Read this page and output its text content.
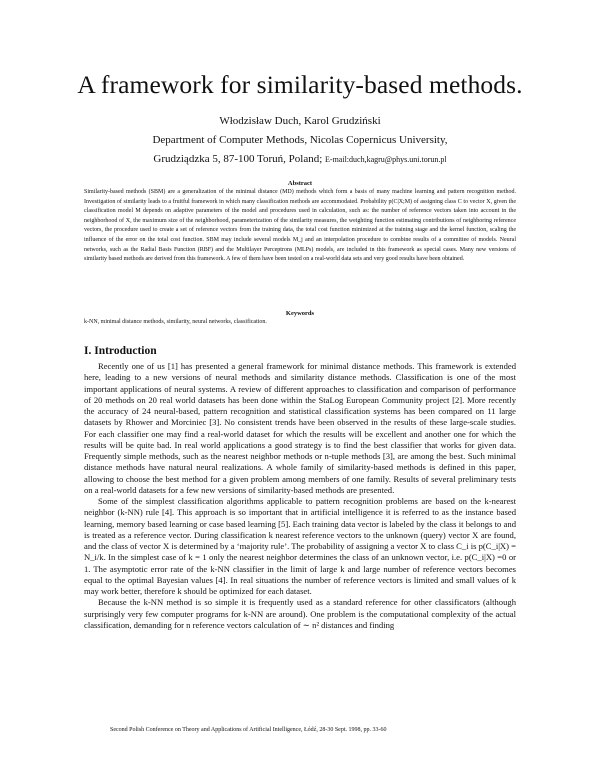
A framework for similarity-based methods.
Włodzisław Duch, Karol Grudziński
Department of Computer Methods, Nicolas Copernicus University,
Grudziądzka 5, 87-100 Toruń, Poland; E-mail:duch,kagru@phys.uni.torun.pl
Abstract
Similarity-based methods (SBM) are a generalization of the minimal distance (MD) methods which form a basis of many machine learning and pattern recognition method. Investigation of similarity leads to a fruitful framework in which many classification methods are accommodated. Probability p(C|X;M) of assigning class C to vector X, given the classification model M depends on adaptive parameters of the model and procedures used in calculation, such as: the number of reference vectors taken into account in the neighborhood of X, the maximum size of the neighborhood, parameterization of the similarity measures, the weighting function estimating contributions of neighboring reference vectors, the procedure used to create a set of reference vectors from the training data, the total cost function minimized at the training stage and the kernel function, scaling the influence of the error on the total cost function. SBM may include several models M_j and an interpolation procedure to combine results of a committee of models. Neural networks, such as the Radial Basis Function (RBF) and the Multilayer Perceptrons (MLPs) models, are included in this framework as special cases. Many new versions of similarity based methods are derived from this framework. A few of them have been tested on a real-world data sets and very good results have been obtained.
Keywords
k-NN, minimal distance methods, similarity, neural networks, classification.
I. Introduction

Recently one of us [1] has presented a general framework for minimal distance methods. This framework is extended here, leading to a new versions of neural methods and similarity distance methods. Classification is one of the most important applications of neural systems. A review of different approaches to classification and comparison of performance of 20 methods on 20 real world datasets has been done within the StaLog European Community project [2]. More recently the accuracy of 24 neural-based, pattern recognition and statistical classification systems has been compared on 11 large datasets by Rhower and Morciniec [3]. No consistent trends have been observed in the results of these large-scale studies. For each classifier one may find a real-world dataset for which the results will be excellent and another one for which the results will be quite bad. In real world applications a good strategy is to find the best classifier that works for given data. Frequently simple methods, such as the nearest neighbor methods or n-tuple methods [3], are among the best. Such minimal distance methods have natural neural realizations. A whole family of similarity-based methods is defined in this paper, allowing to choose the best method for a given problem among members of one family. Results of several preliminary tests on a real-world datasets for a few new versions of similarity-based methods are presented.

Some of the simplest classification algorithms applicable to pattern recognition problems are based on the k-nearest neighbor (k-NN) rule [4]. This approach is so important that in artificial intelligence it is referred to as the instance based learning, memory based learning or case based learning [5]. Each training data vector is labeled by the class it belongs to and is treated as a reference vector. During classification k nearest reference vectors to the unknown (query) vector X are found, and the class of vector X is determined by a ‘majority rule’. The probability of assigning a vector X to class C_i is p(C_i|X) = N_i/k. In the simplest case of k = 1 only the nearest neighbor determines the class of an unknown vector, i.e. p(C_i|X) =0 or 1. The asymptotic error rate of the k-NN classifier in the limit of large k and large number of reference vectors becomes equal to the optimal Bayesian values [4]. In real situations the number of reference vectors is limited and small values of k may work better, therefore k should be optimized for each dataset.

Because the k-NN method is so simple it is frequently used as a standard reference for other classificators (although surprisingly very few computer programs for k-NN are around). One problem is the computational complexity of the actual classification, demanding for n reference vectors calculation of ∼ n² distances and finding

Second Polish Conference on Theory and Applications of Artificial Intelligence, Łódź, 28-30 Sept. 1998, pp. 33-60
